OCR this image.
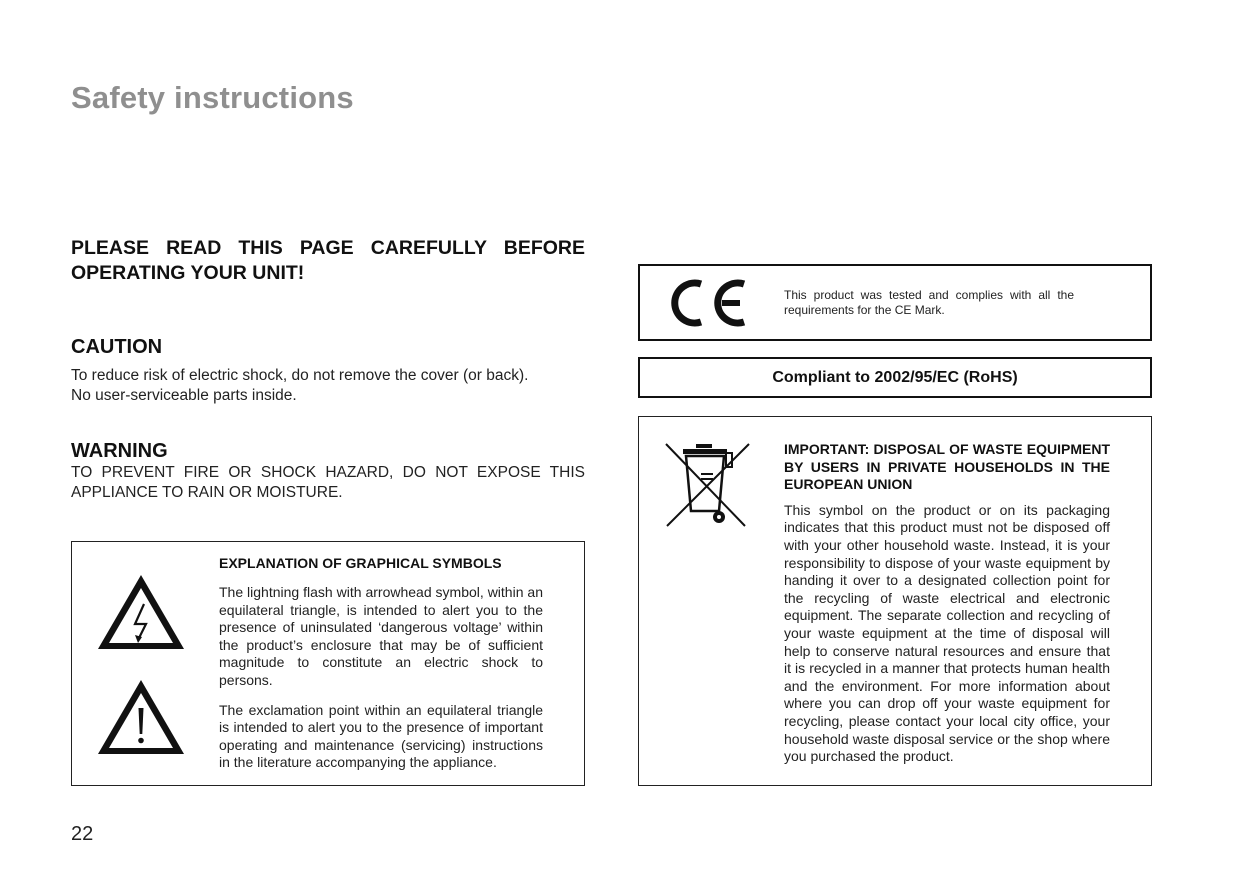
Safety instructions

PLEASE READ THIS PAGE CAREFULLY BEFORE OPERATING YOUR UNIT!

CAUTION

To reduce risk of electric shock, do not remove the cover (or back).

No user-serviceable parts inside.

WARNING

TO PREVENT FIRE OR SHOCK HAZARD, DO NOT EXPOSE THIS APPLIANCE TO RAIN OR MOISTURE.

EXPLANATION OF GRAPHICAL SYMBOLS

The lightning flash with arrowhead symbol, within an equilateral triangle, is intended to alert you to the presence of uninsulated ‘dangerous voltage’ within the product’s enclosure that may be of sufficient magnitude to constitute an electric shock to persons.

The exclamation point within an equilateral triangle is intended to alert you to the presence of important operating and maintenance (servicing) instructions in the literature accompanying the appliance.

This product was tested and complies with all the requirements for the CE Mark.
Compliant to 2002/95/EC (RoHS)

IMPORTANT: DISPOSAL OF WASTE EQUIPMENT BY USERS IN PRIVATE HOUSEHOLDS IN THE EUROPEAN UNION

This symbol on the product or on its packaging indicates that this product must not be disposed off with your other household waste. Instead, it is your responsibility to dispose of your waste equipment by handing it over to a designated collection point for the recycling of waste electrical and electronic equipment. The separate collection and recycling of your waste equipment at the time of disposal will help to conserve natural resources and ensure that it is recycled in a manner that protects human health and the environment. For more information about where you can drop off your waste equipment for recycling, please contact your local city office, your household waste disposal service or the shop where you purchased the product.

22
